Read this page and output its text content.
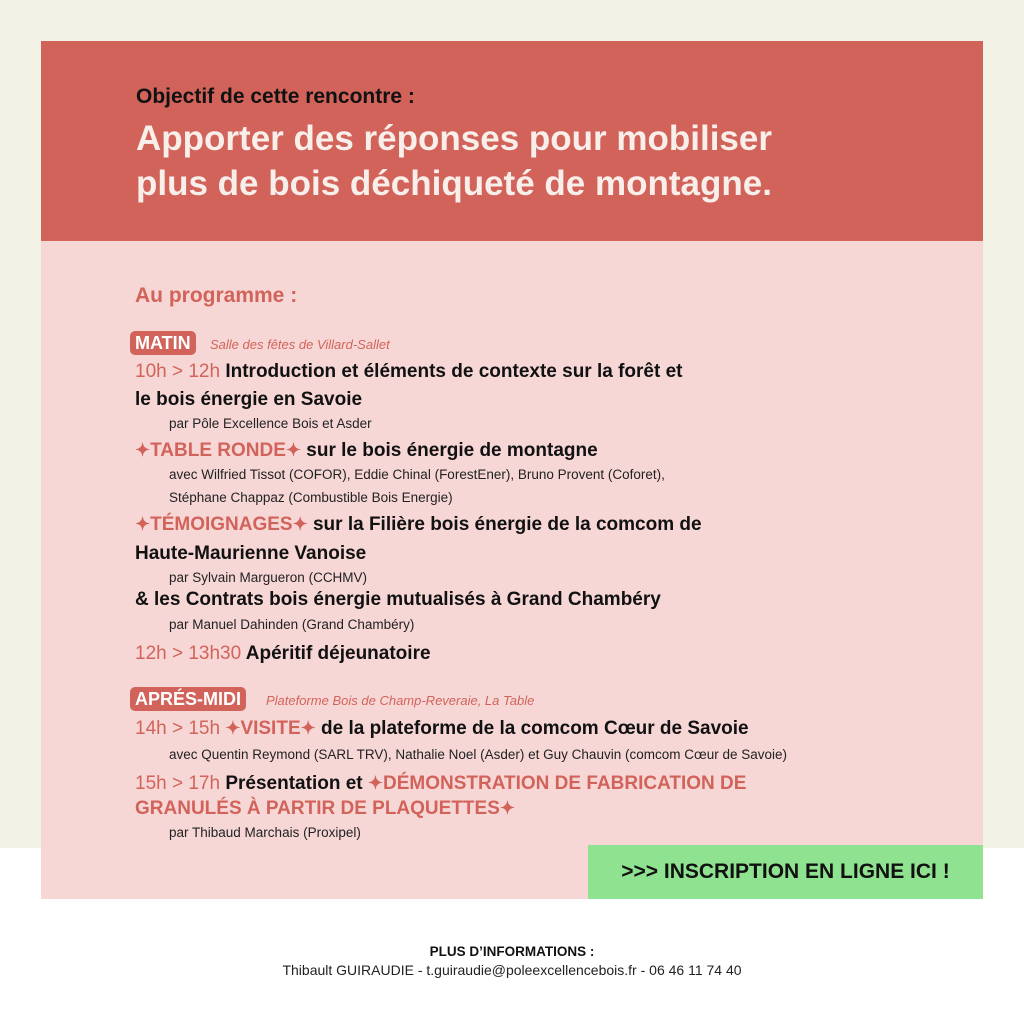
Objectif de cette rencontre :
Apporter des réponses pour mobiliser
plus de bois déchiqueté de montagne.
Au programme :
MATIN	Salle des fêtes de Villard-Sallet
10h > 12h Introduction et éléments de contexte sur la forêt et
le bois énergie en Savoie
par Pôle Excellence Bois et Asder
✦TABLE RONDE✦ sur le bois énergie de montagne
avec Wilfried Tissot (COFOR), Eddie Chinal (ForestEner), Bruno Provent (Coforet),
Stéphane Chappaz (Combustible Bois Energie)
✦TÉMOIGNAGES✦ sur la Filière bois énergie de la comcom de
Haute-Maurienne Vanoise
par Sylvain Margueron (CCHMV)
& les Contrats bois énergie mutualisés à Grand Chambéry
par Manuel Dahinden (Grand Chambéry)
12h > 13h30 Apéritif déjeunatoire
APRÉS-MIDI	Plateforme Bois de Champ-Reveraie, La Table
14h > 15h ✦VISITE✦ de la plateforme de la comcom Cœur de Savoie
avec Quentin Reymond (SARL TRV), Nathalie Noel (Asder) et Guy Chauvin (comcom Cœur de Savoie)
15h > 17h Présentation et ✦DÉMONSTRATION DE FABRICATION DE
GRANULÉS À PARTIR DE PLAQUETTES✦
par Thibaud Marchais (Proxipel)
>>> INSCRIPTION EN LIGNE ICI !
PLUS D’INFORMATIONS :
Thibault GUIRAUDIE - t.guiraudie@poleexcellencebois.fr - 06 46 11 74 40
